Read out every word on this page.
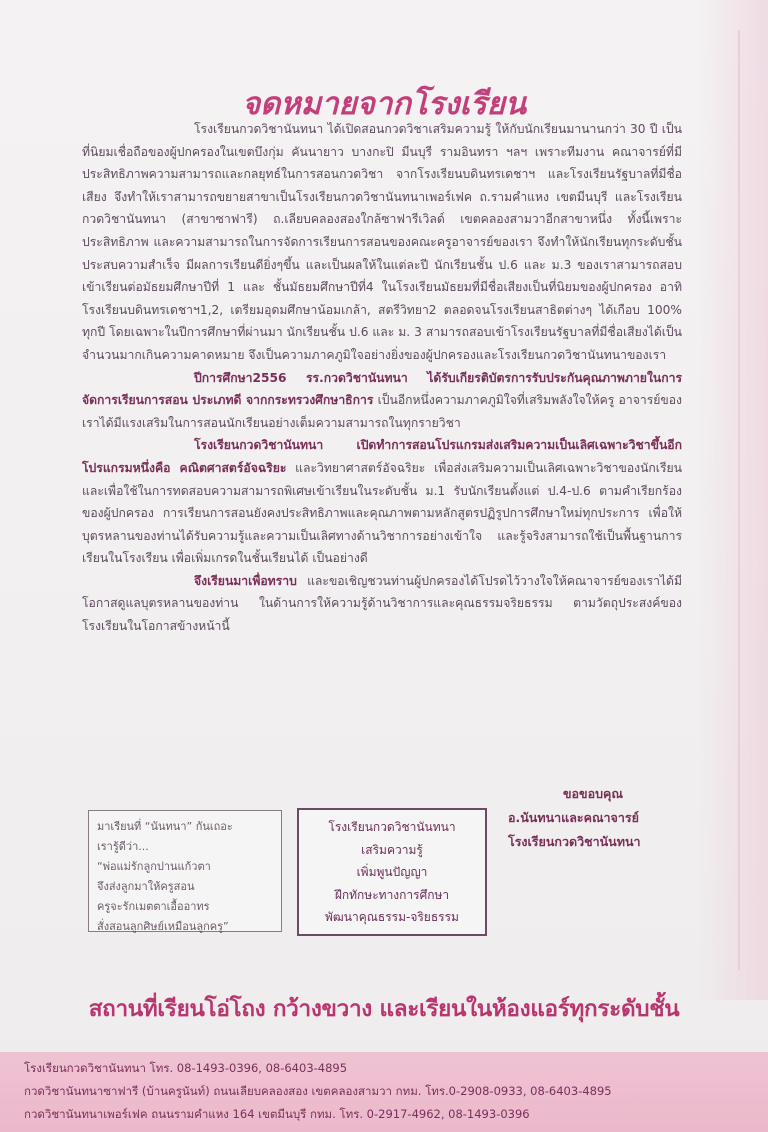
จดหมายจากโรงเรียน

โรงเรียนกวดวิชานันทนา ได้เปิดสอนกวดวิชาเสริมความรู้ ให้กับนักเรียนมานานกว่า 30 ปี เป็นที่นิยมเชื่อถือของผู้ปกครองในเขตบึงกุ่ม คันนายาว บางกะปิ มีนบุรี รามอินทรา ฯลฯ เพราะทีมงาน คณาจารย์ที่มีประสิทธิภาพความสามารถและกลยุทธ์ในการสอนกวดวิชา จากโรงเรียนบดินทรเดชาฯ และโรงเรียนรัฐบาลที่มีชื่อเสียง จึงทำให้เราสามารถขยายสาขาเป็นโรงเรียนกวดวิชานันทนาเพอร์เฟค ถ.รามคำแหง เขตมีนบุรี และโรงเรียนกวดวิชานันทนา (สาขาซาฟารี) ถ.เลียบคลองสองใกล้ซาฟารีเวิลด์ เขตคลองสามวาอีกสาขาหนึ่ง ทั้งนี้เพราะประสิทธิภาพ และความสามารถในการจัดการเรียนการสอนของคณะครูอาจารย์ของเรา จึงทำให้นักเรียนทุกระดับชั้นประสบความสำเร็จ มีผลการเรียนดียิ่งๆขึ้น และเป็นผลให้ในแต่ละปี นักเรียนชั้น ป.6 และ ม.3 ของเราสามารถสอบเข้าเรียนต่อมัธยมศึกษาปีที่ 1 และ ชั้นมัธยมศึกษาปีที่4 ในโรงเรียนมัธยมที่มีชื่อเสียงเป็นที่นิยมของผู้ปกครอง อาทิ โรงเรียนบดินทรเดชาฯ1,2, เตรียมอุดมศึกษาน้อมเกล้า, สตรีวิทยา2 ตลอดจนโรงเรียนสาธิตต่างๆ ได้เกือบ 100% ทุกปี โดยเฉพาะในปีการศึกษาที่ผ่านมา นักเรียนชั้น ป.6 และ ม. 3 สามารถสอบเข้าโรงเรียนรัฐบาลที่มีชื่อเสียงได้เป็นจำนวนมากเกินความคาดหมาย จึงเป็นความภาคภูมิใจอย่างยิ่งของผู้ปกครองและโรงเรียนกวดวิชานันทนาของเรา

ปีการศึกษา2556 รร.กวดวิชานันทนา ได้รับเกียรติบัตรการรับประกันคุณภาพภายในการจัดการเรียนการสอน ประเภทดี จากกระทรวงศึกษาธิการ เป็นอีกหนึ่งความภาคภูมิใจที่เสริมพลังใจให้ครู อาจารย์ของเราได้มีแรงเสริมในการสอนนักเรียนอย่างเต็มความสามารถในทุกรายวิชา

โรงเรียนกวดวิชานันทนา เปิดทำการสอนโปรแกรมส่งเสริมความเป็นเลิศเฉพาะวิชาขึ้นอีกโปรแกรมหนึ่งคือ คณิตศาสตร์อัจฉริยะ และวิทยาศาสตร์อัจฉริยะ เพื่อส่งเสริมความเป็นเลิศเฉพาะวิชาของนักเรียน และเพื่อใช้ในการทดสอบความสามารถพิเศษเข้าเรียนในระดับชั้น ม.1 รับนักเรียนตั้งแต่ ป.4-ป.6 ตามคำเรียกร้องของผู้ปกครอง การเรียนการสอนยังคงประสิทธิภาพและคุณภาพตามหลักสูตรปฏิรูปการศึกษาใหม่ทุกประการ เพื่อให้บุตรหลานของท่านได้รับความรู้และความเป็นเลิศทางด้านวิชาการอย่างเข้าใจ และรู้จริงสามารถใช้เป็นพื้นฐานการเรียนในโรงเรียน เพื่อเพิ่มเกรดในชั้นเรียนได้ เป็นอย่างดี

จึงเรียนมาเพื่อทราบ และขอเชิญชวนท่านผู้ปกครองได้โปรดไว้วางใจให้คณาจารย์ของเราได้มีโอกาสดูแลบุตรหลานของท่าน ในด้านการให้ความรู้ด้านวิชาการและคุณธรรมจริยธรรม ตามวัตถุประสงค์ของโรงเรียนในโอกาสข้างหน้านี้

ขอขอบคุณ
อ.นันทนาและคณาจารย์
โรงเรียนกวดวิชานันทนา
มาเรียนที่ “นันทนา” กันเถอะ
เรารู้ดีว่า...
“พ่อแม่รักลูกปานแก้วตา
จึงส่งลูกมาให้ครูสอน
ครูจะรักเมตตาเอื้ออาทร
สั่งสอนลูกศิษย์เหมือนลูกครู”
โรงเรียนกวดวิชานันทนา
เสริมความรู้
เพิ่มพูนปัญญา
ฝึกทักษะทางการศึกษา
พัฒนาคุณธรรม-จริยธรรม
สถานที่เรียนโอ่โถง กว้างขวาง และเรียนในห้องแอร์ทุกระดับชั้น
โรงเรียนกวดวิชานันทนา โทร. 08-1493-0396, 08-6403-4895
กวดวิชานันทนาซาฟารี (บ้านครูนันท์) ถนนเลียบคลองสอง เขตคลองสามวา กทม. โทร.0-2908-0933, 08-6403-4895
กวดวิชานันทนาเพอร์เฟค ถนนรามคำแหง 164 เขตมีนบุรี กทม. โทร. 0-2917-4962, 08-1493-0396
